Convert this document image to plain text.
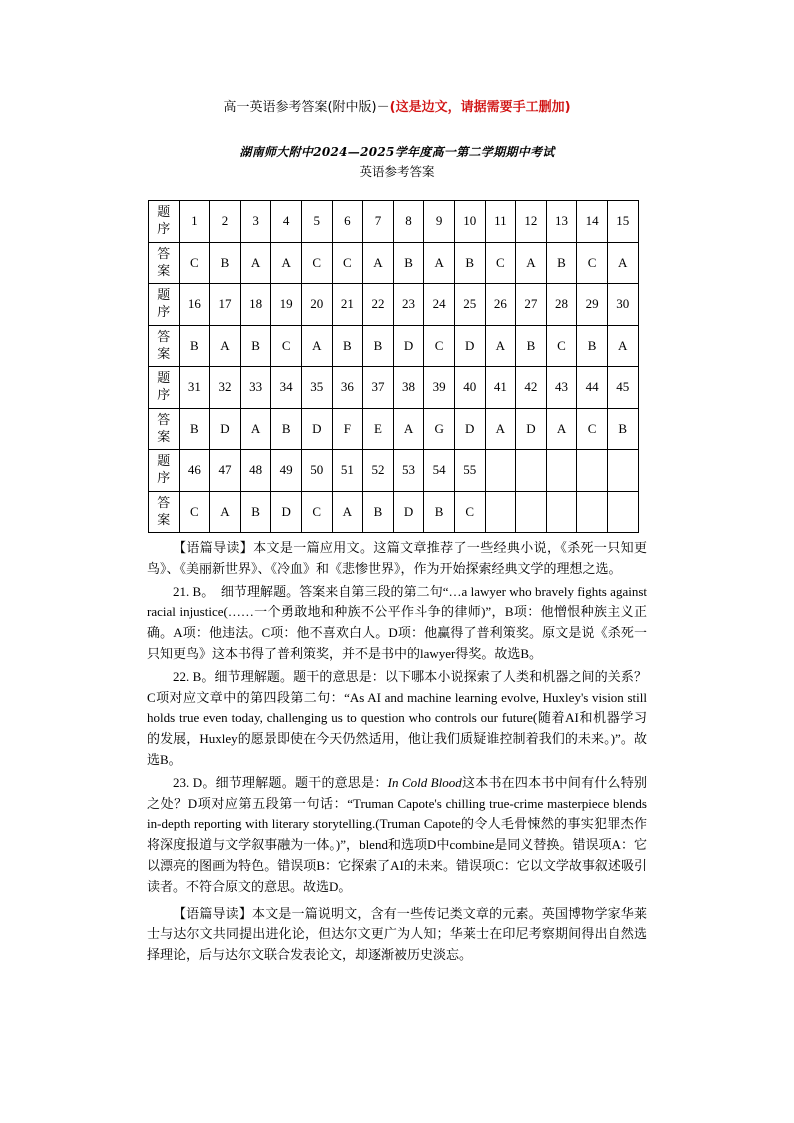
高一英语参考答案(附中版)－(这是边文，请据需要手工删加)
湖南师大附中2024—2025学年度高一第二学期期中考试
英语参考答案
题
序	1	2	3	4	5	6	7	8	9	10	11	12	13	14	15
答
案	C	B	A	A	C	C	A	B	A	B	C	A	B	C	A
题
序	16	17	18	19	20	21	22	23	24	25	26	27	28	29	30
答
案	B	A	B	C	A	B	B	D	C	D	A	B	C	B	A
题
序	31	32	33	34	35	36	37	38	39	40	41	42	43	44	45
答
案	B	D	A	B	D	F	E	A	G	D	A	D	A	C	B
题
序	46	47	48	49	50	51	52	53	54	55					
答
案	C	A	B	D	C	A	B	D	B	C					

【语篇导读】本文是一篇应用文。这篇文章推荐了一些经典小说，《杀死一只知更鸟》、《美丽新世界》、《冷血》和《悲惨世界》，作为开始探索经典文学的理想之选。

21. B。　细节理解题。答案来自第三段的第二句“…a lawyer who bravely fights against racial injustice(……一个勇敢地和种族不公平作斗争的律师)”，B项：他憎恨种族主义正确。A项：他违法。C项：他不喜欢白人。D项：他赢得了普利策奖。原文是说《杀死一只知更鸟》这本书得了普利策奖，并不是书中的lawyer得奖。故选B。

22. B。细节理解题。题干的意思是：以下哪本小说探索了人类和机器之间的关系？C项对应文章中的第四段第二句：“As AI and machine learning evolve, Huxley's vision still holds true even today, challenging us to question who controls our future(随着AI和机器学习的发展，Huxley的愿景即使在今天仍然适用，他让我们质疑谁控制着我们的未来。)”。故选B。

23. D。细节理解题。题干的意思是：In Cold Blood这本书在四本书中间有什么特别之处？D项对应第五段第一句话：“Truman Capote's chilling true-crime masterpiece blends in-depth reporting with literary storytelling.(Truman Capote的令人毛骨悚然的事实犯罪杰作将深度报道与文学叙事融为一体。)”，blend和选项D中combine是同义替换。错误项A：它以漂亮的图画为特色。错误项B：它探索了AI的未来。错误项C：它以文学故事叙述吸引读者。不符合原文的意思。故选D。

【语篇导读】本文是一篇说明文，含有一些传记类文章的元素。英国博物学家华莱士与达尔文共同提出进化论，但达尔文更广为人知；华莱士在印尼考察期间得出自然选择理论，后与达尔文联合发表论文，却逐渐被历史淡忘。
